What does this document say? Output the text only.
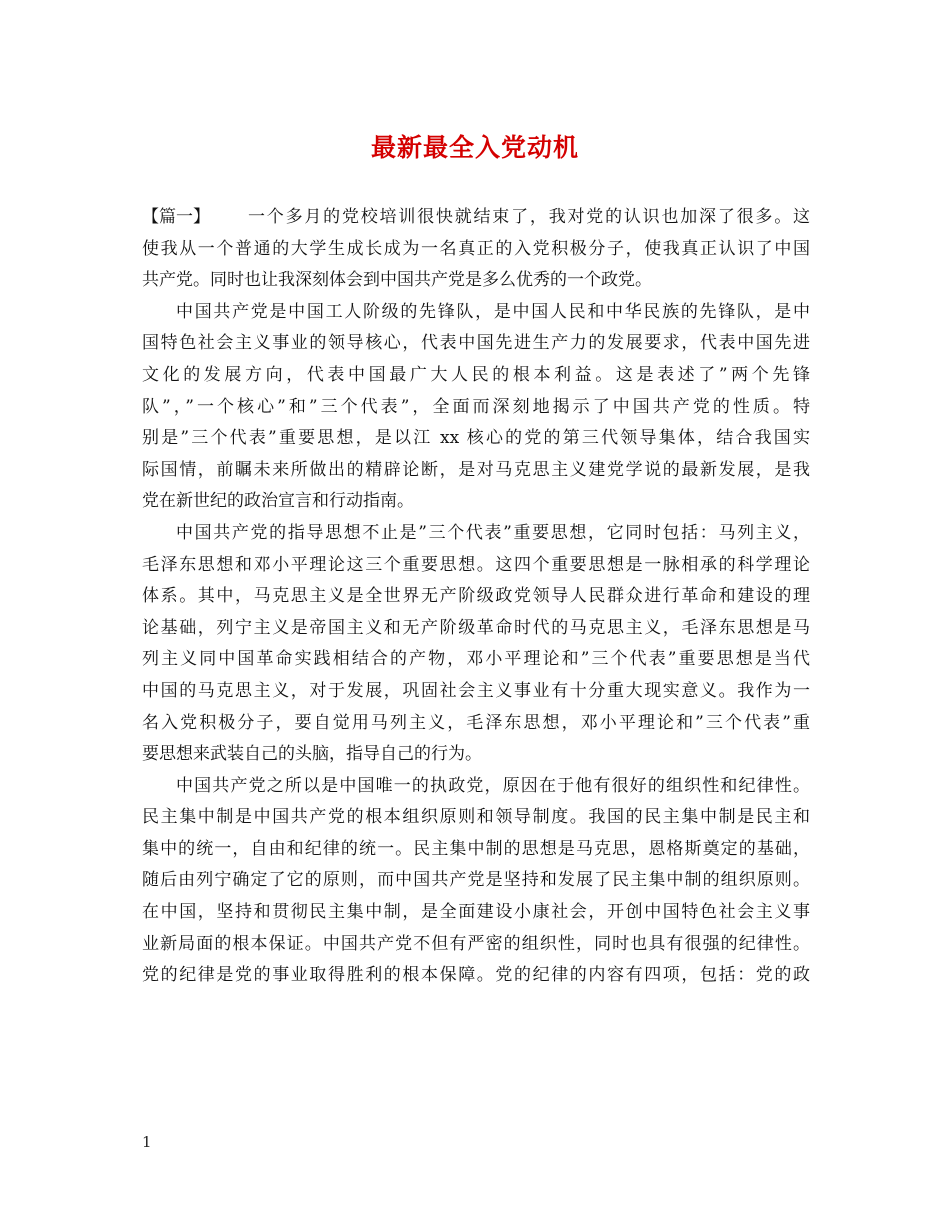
最新最全入党动机
【篇一】 一个多月的党校培训很快就结束了，我对党的认识也加深了很多。这
使我从一个普通的大学生成长成为一名真正的入党积极分子，使我真正认识了中国
共产党。同时也让我深刻体会到中国共产党是多么优秀的一个政党。
中国共产党是中国工人阶级的先锋队，是中国人民和中华民族的先锋队，是中
国特色社会主义事业的领导核心，代表中国先进生产力的发展要求，代表中国先进
文化的发展方向，代表中国最广大人民的根本利益。这是表述了”两个先锋
队”，”一个核心”和”三个代表”，全面而深刻地揭示了中国共产党的性质。特
别是”三个代表”重要思想，是以江 xx 核心的党的第三代领导集体，结合我国实
际国情，前瞩未来所做出的精辟论断，是对马克思主义建党学说的最新发展，是我
党在新世纪的政治宣言和行动指南。
中国共产党的指导思想不止是”三个代表”重要思想，它同时包括：马列主义，
毛泽东思想和邓小平理论这三个重要思想。这四个重要思想是一脉相承的科学理论
体系。其中，马克思主义是全世界无产阶级政党领导人民群众进行革命和建设的理
论基础，列宁主义是帝国主义和无产阶级革命时代的马克思主义，毛泽东思想是马
列主义同中国革命实践相结合的产物，邓小平理论和”三个代表”重要思想是当代
中国的马克思主义，对于发展，巩固社会主义事业有十分重大现实意义。我作为一
名入党积极分子，要自觉用马列主义，毛泽东思想，邓小平理论和”三个代表”重
要思想来武装自己的头脑，指导自己的行为。
中国共产党之所以是中国唯一的执政党，原因在于他有很好的组织性和纪律性。
民主集中制是中国共产党的根本组织原则和领导制度。我国的民主集中制是民主和
集中的统一，自由和纪律的统一。民主集中制的思想是马克思，恩格斯奠定的基础，
随后由列宁确定了它的原则，而中国共产党是坚持和发展了民主集中制的组织原则。
在中国，坚持和贯彻民主集中制，是全面建设小康社会，开创中国特色社会主义事
业新局面的根本保证。中国共产党不但有严密的组织性，同时也具有很强的纪律性。
党的纪律是党的事业取得胜利的根本保障。党的纪律的内容有四项，包括：党的政
1
